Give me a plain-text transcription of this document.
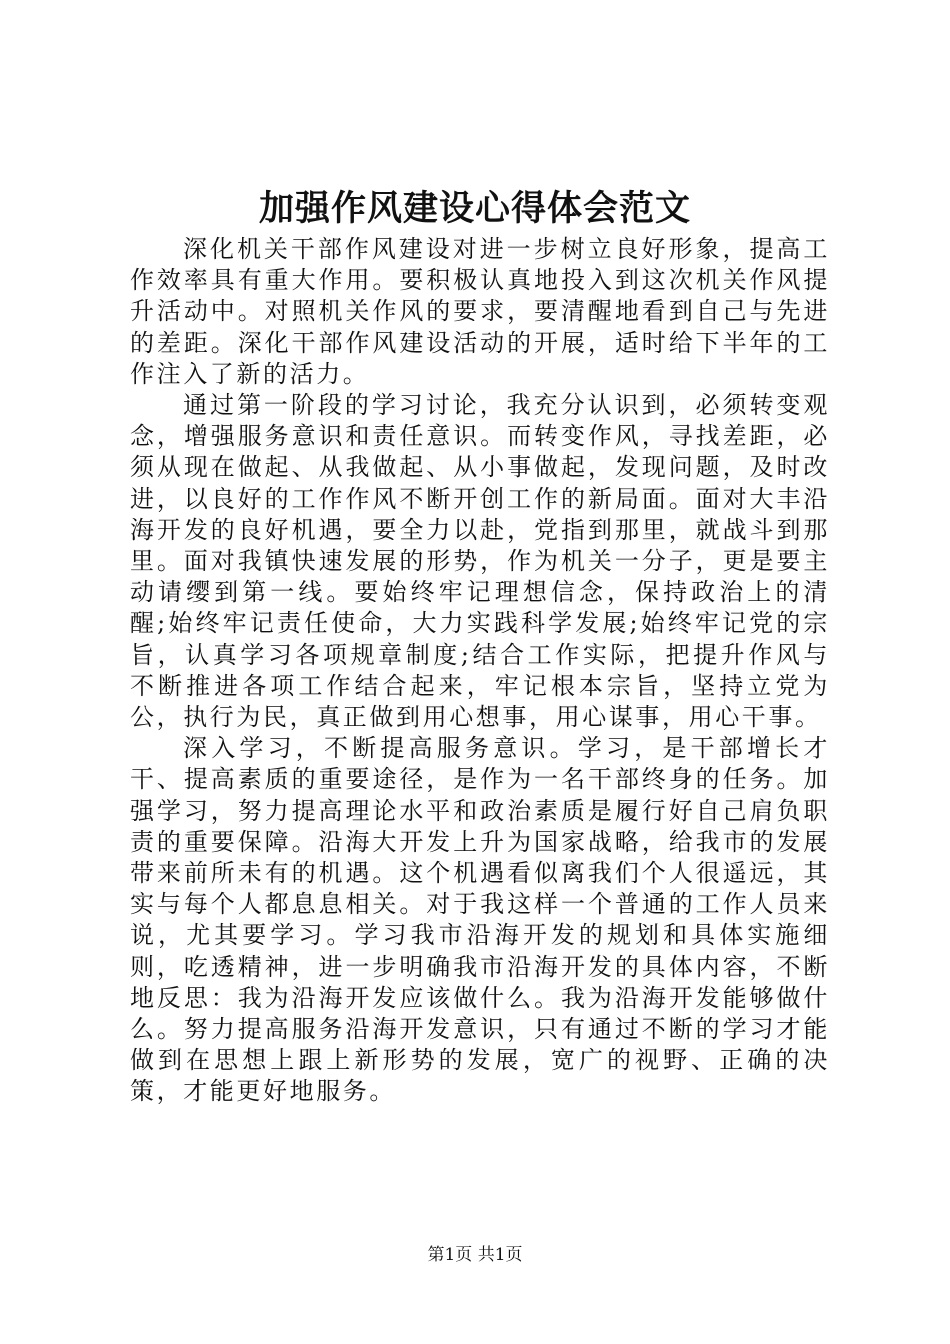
加强作风建设心得体会范文

深化机关干部作风建设对进一步树立良好形象，提高工作效率具有重大作用。要积极认真地投入到这次机关作风提升活动中。对照机关作风的要求，要清醒地看到自己与先进的差距。深化干部作风建设活动的开展，适时给下半年的工作注入了新的活力。

通过第一阶段的学习讨论，我充分认识到，必须转变观念，增强服务意识和责任意识。而转变作风，寻找差距，必须从现在做起、从我做起、从小事做起，发现问题，及时改进，以良好的工作作风不断开创工作的新局面。面对大丰沿海开发的良好机遇，要全力以赴，党指到那里，就战斗到那里。面对我镇快速发展的形势，作为机关一分子，更是要主动请缨到第一线。要始终牢记理想信念，保持政治上的清醒;始终牢记责任使命，大力实践科学发展;始终牢记党的宗旨，认真学习各项规章制度;结合工作实际，把提升作风与不断推进各项工作结合起来，牢记根本宗旨，坚持立党为公，执行为民，真正做到用心想事，用心谋事，用心干事。

深入学习，不断提高服务意识。学习，是干部增长才干、提高素质的重要途径，是作为一名干部终身的任务。加强学习，努力提高理论水平和政治素质是履行好自己肩负职责的重要保障。沿海大开发上升为国家战略，给我市的发展带来前所未有的机遇。这个机遇看似离我们个人很遥远，其实与每个人都息息相关。对于我这样一个普通的工作人员来说，尤其要学习。学习我市沿海开发的规划和具体实施细则，吃透精神，进一步明确我市沿海开发的具体内容，不断地反思：我为沿海开发应该做什么。我为沿海开发能够做什么。努力提高服务沿海开发意识，只有通过不断的学习才能做到在思想上跟上新形势的发展，宽广的视野、正确的决策，才能更好地服务。

第1页 共1页
